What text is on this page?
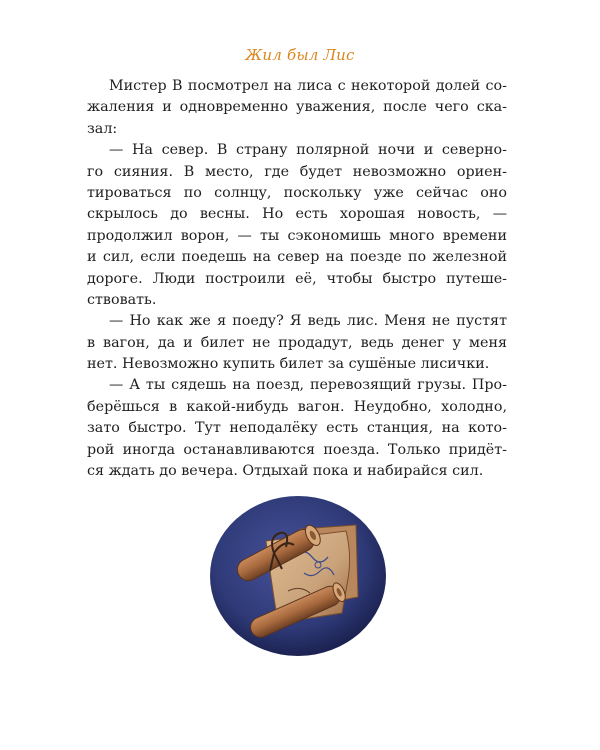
Жил был Лис
Мистер В посмотрел на лиса с некоторой долей со-
жаления и одновременно уважения, после чего ска-
зал:
— На север. В страну полярной ночи и северно-
го сияния. В место, где будет невозможно ориен-
тироваться по солнцу, поскольку уже сейчас оно
скрылось до весны. Но есть хорошая новость, —
продолжил ворон, — ты сэкономишь много времени
и сил, если поедешь на север на поезде по железной
дороге. Люди построили её, чтобы быстро путеше-
ствовать.
— Но как же я поеду? Я ведь лис. Меня не пустят
в вагон, да и билет не продадут, ведь денег у меня
нет. Невозможно купить билет за сушёные лисички.
— А ты сядешь на поезд, перевозящий грузы. Про-
берёшься в какой-нибудь вагон. Неудобно, холодно,
зато быстро. Тут неподалёку есть станция, на кото-
рой иногда останавливаются поезда. Только придёт-
ся ждать до вечера. Отдыхай пока и набирайся сил.
